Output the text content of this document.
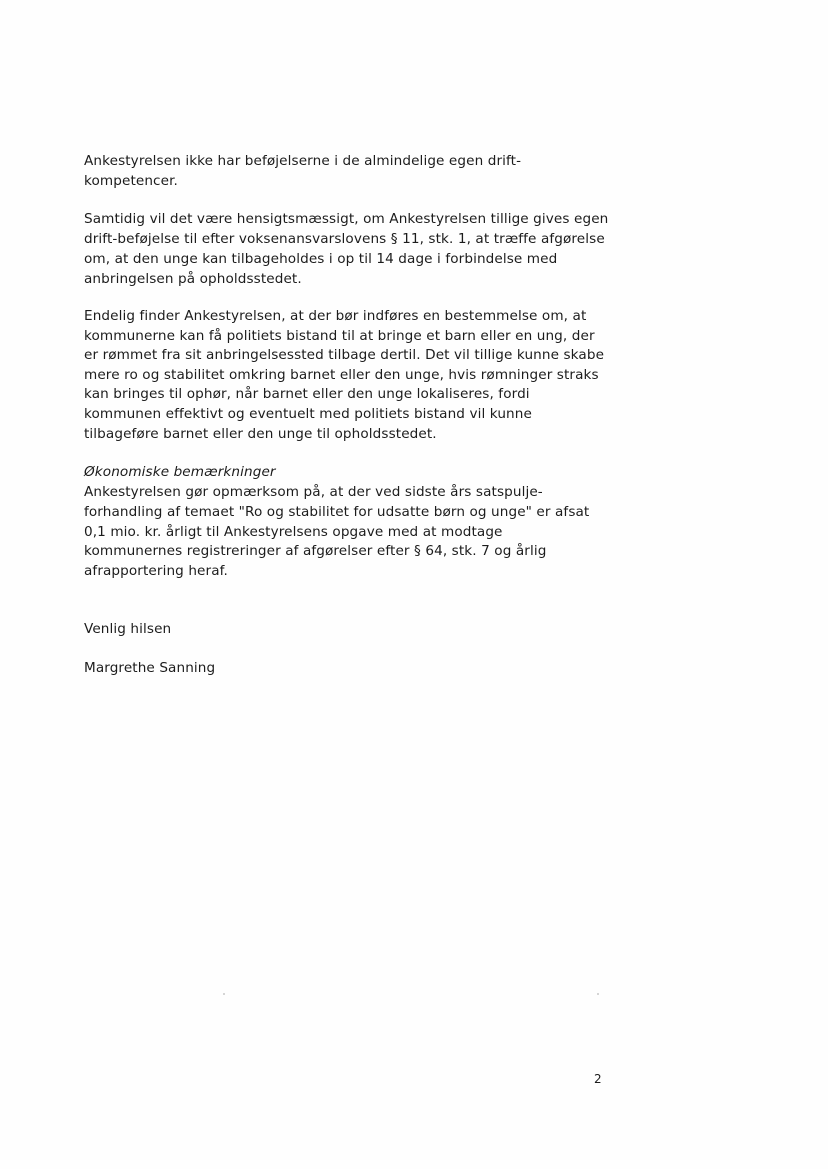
Ankestyrelsen ikke har beføjelserne i de almindelige egen drift-
kompetencer.
Samtidig vil det være hensigtsmæssigt, om Ankestyrelsen tillige gives egen
drift-beføjelse til efter voksenansvarslovens § 11, stk. 1, at træffe afgørelse
om, at den unge kan tilbageholdes i op til 14 dage i forbindelse med
anbringelsen på opholdsstedet.
Endelig finder Ankestyrelsen, at der bør indføres en bestemmelse om, at
kommunerne kan få politiets bistand til at bringe et barn eller en ung, der
er rømmet fra sit anbringelsessted tilbage dertil. Det vil tillige kunne skabe
mere ro og stabilitet omkring barnet eller den unge, hvis rømninger straks
kan bringes til ophør, når barnet eller den unge lokaliseres, fordi
kommunen effektivt og eventuelt med politiets bistand vil kunne
tilbageføre barnet eller den unge til opholdsstedet.
Økonomiske bemærkninger
Ankestyrelsen gør opmærksom på, at der ved sidste års satspulje-
forhandling af temaet "Ro og stabilitet for udsatte børn og unge" er afsat
0,1 mio. kr. årligt til Ankestyrelsens opgave med at modtage
kommunernes registreringer af afgørelser efter § 64, stk. 7 og årlig
afrapportering heraf.
Venlig hilsen
Margrethe Sanning
2
